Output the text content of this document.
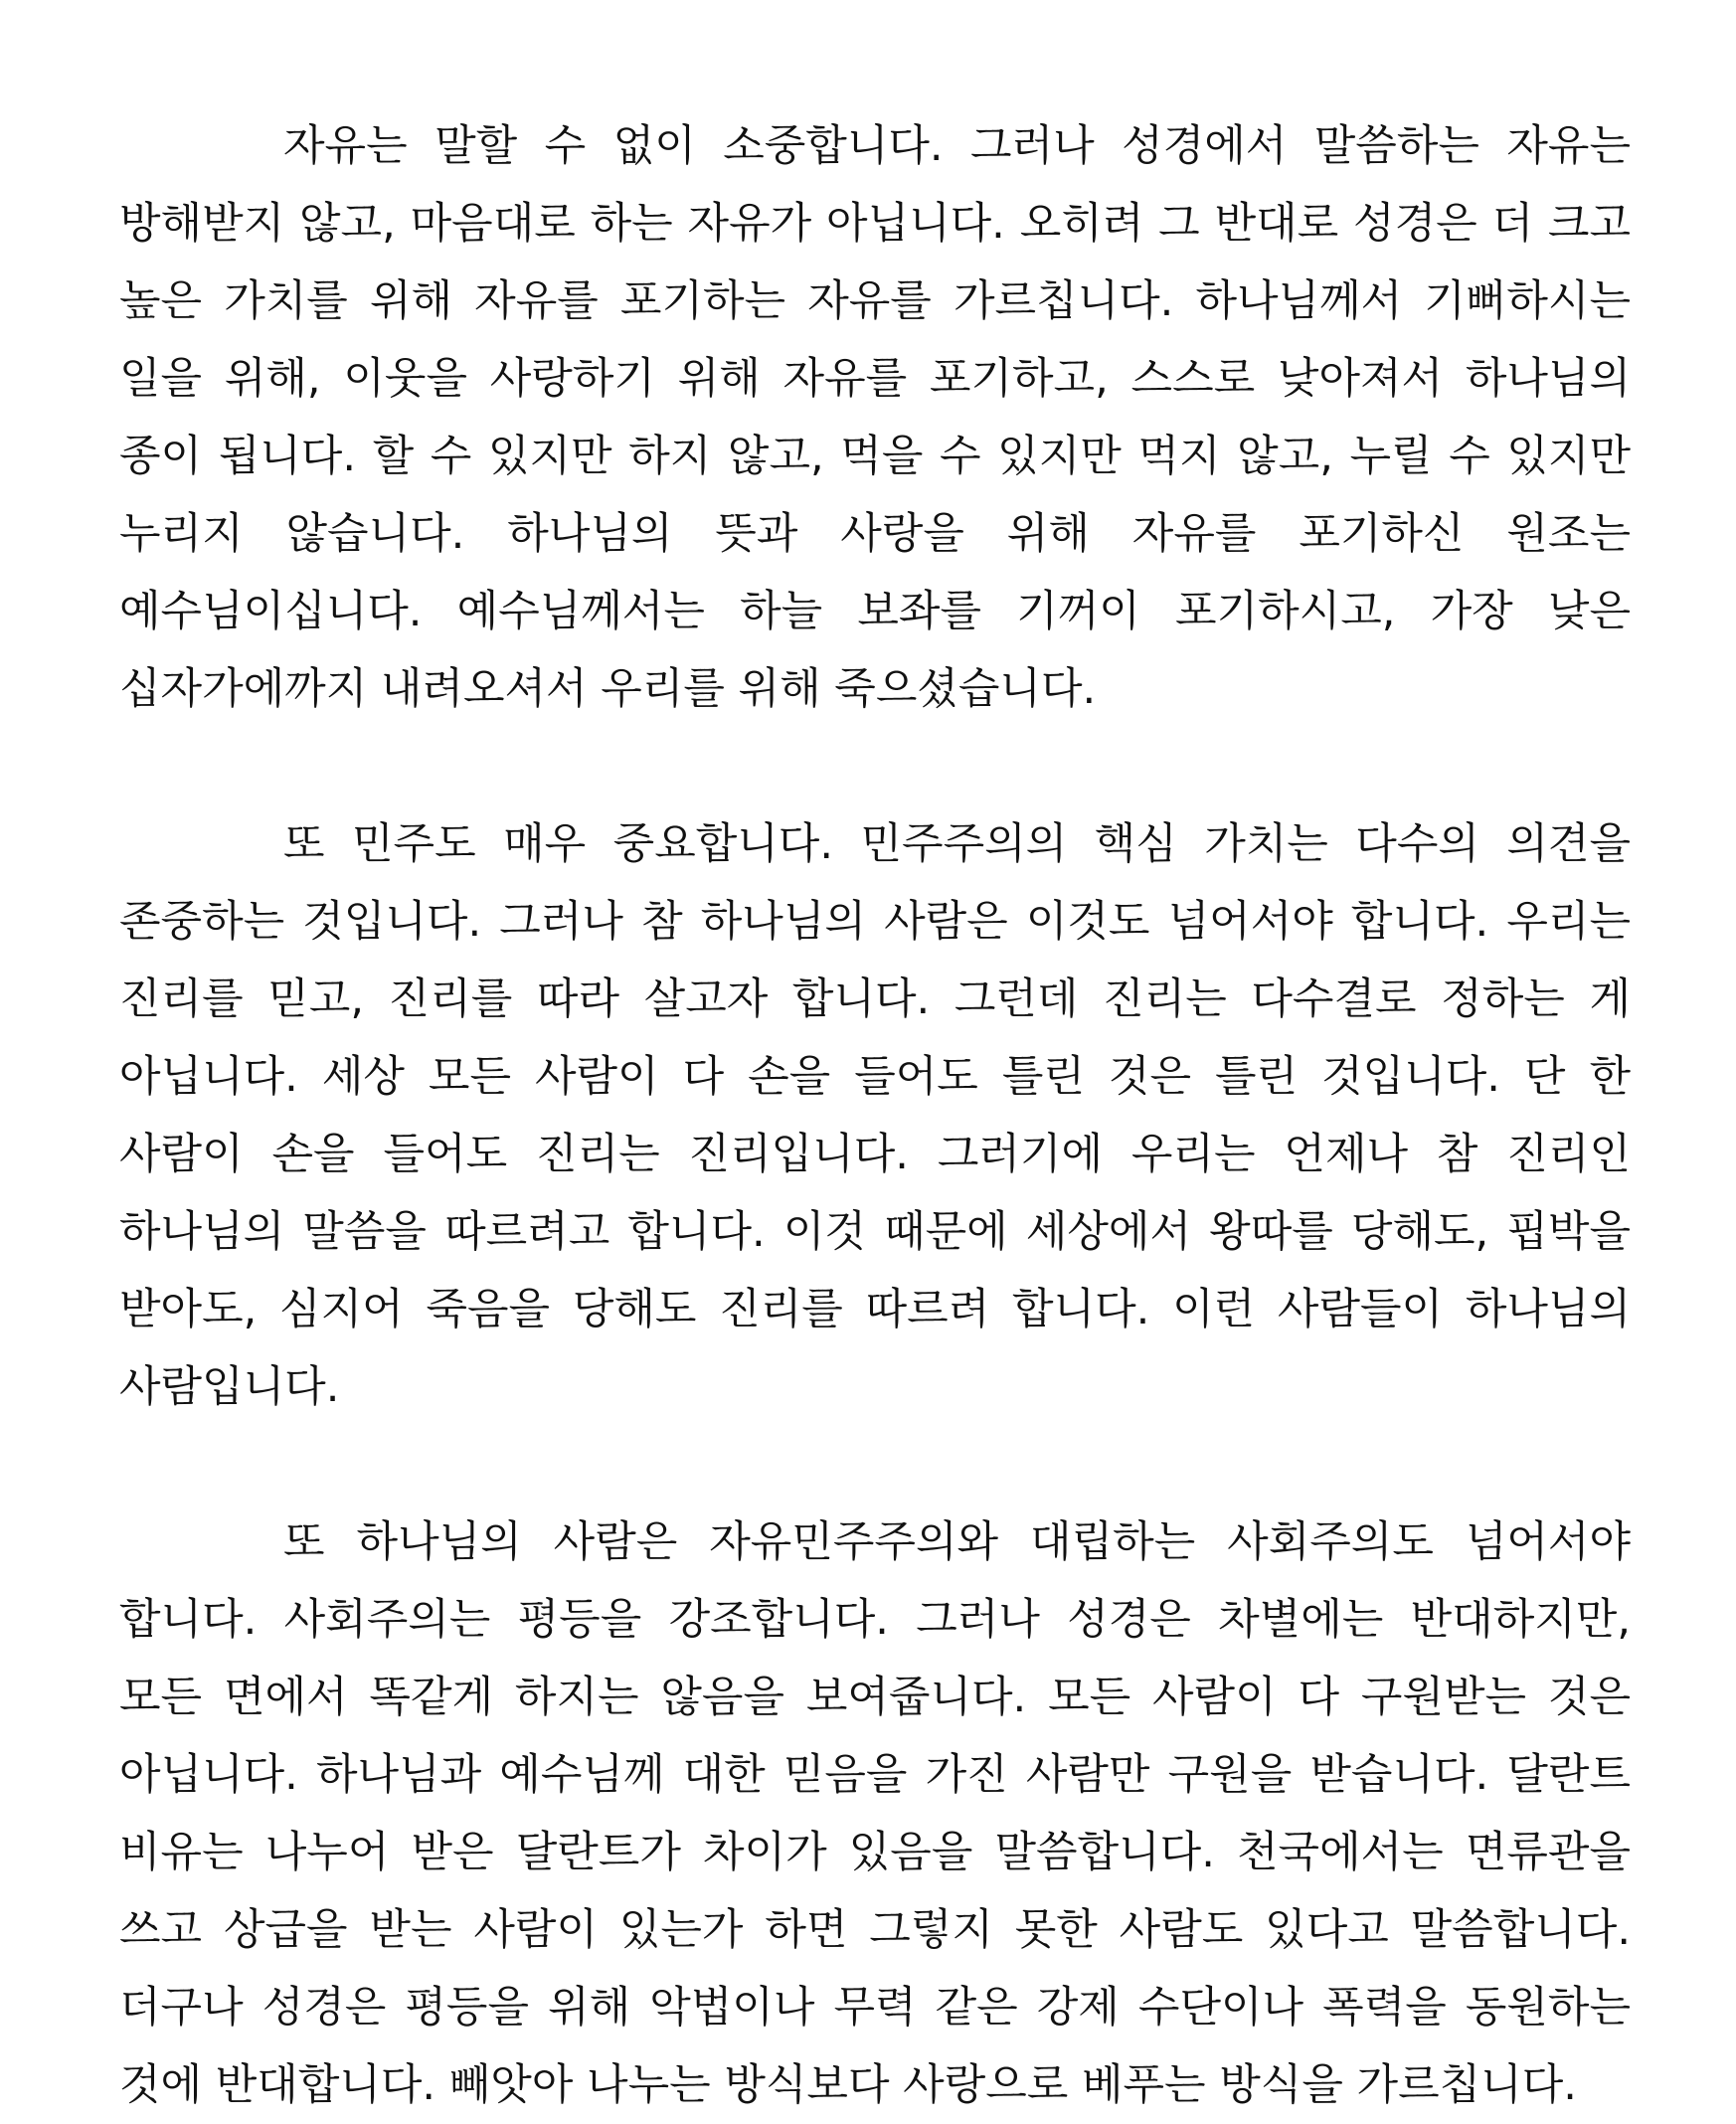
자유는 말할 수 없이 소중합니다. 그러나 성경에서 말씀하는 자유는 방해받지 않고, 마음대로 하는 자유가 아닙니다. 오히려 그 반대로 성경은 더 크고 높은 가치를 위해 자유를 포기하는 자유를 가르칩니다. 하나님께서 기뻐하시는 일을 위해, 이웃을 사랑하기 위해 자유를 포기하고, 스스로 낮아져서 하나님의 종이 됩니다. 할 수 있지만 하지 않고, 먹을 수 있지만 먹지 않고, 누릴 수 있지만 누리지 않습니다. 하나님의 뜻과 사랑을 위해 자유를 포기하신 원조는 예수님이십니다. 예수님께서는 하늘 보좌를 기꺼이 포기하시고, 가장 낮은 십자가에까지 내려오셔서 우리를 위해 죽으셨습니다.

또 민주도 매우 중요합니다. 민주주의의 핵심 가치는 다수의 의견을 존중하는 것입니다. 그러나 참 하나님의 사람은 이것도 넘어서야 합니다. 우리는 진리를 믿고, 진리를 따라 살고자 합니다. 그런데 진리는 다수결로 정하는 게 아닙니다. 세상 모든 사람이 다 손을 들어도 틀린 것은 틀린 것입니다. 단 한 사람이 손을 들어도 진리는 진리입니다. 그러기에 우리는 언제나 참 진리인 하나님의 말씀을 따르려고 합니다. 이것 때문에 세상에서 왕따를 당해도, 핍박을 받아도, 심지어 죽음을 당해도 진리를 따르려 합니다. 이런 사람들이 하나님의 사람입니다.

또 하나님의 사람은 자유민주주의와 대립하는 사회주의도 넘어서야 합니다. 사회주의는 평등을 강조합니다. 그러나 성경은 차별에는 반대하지만, 모든 면에서 똑같게 하지는 않음을 보여줍니다. 모든 사람이 다 구원받는 것은 아닙니다. 하나님과 예수님께 대한 믿음을 가진 사람만 구원을 받습니다. 달란트 비유는 나누어 받은 달란트가 차이가 있음을 말씀합니다. 천국에서는 면류관을 쓰고 상급을 받는 사람이 있는가 하면 그렇지 못한 사람도 있다고 말씀합니다. 더구나 성경은 평등을 위해 악법이나 무력 같은 강제 수단이나 폭력을 동원하는 것에 반대합니다. 빼앗아 나누는 방식보다 사랑으로 베푸는 방식을 가르칩니다.
